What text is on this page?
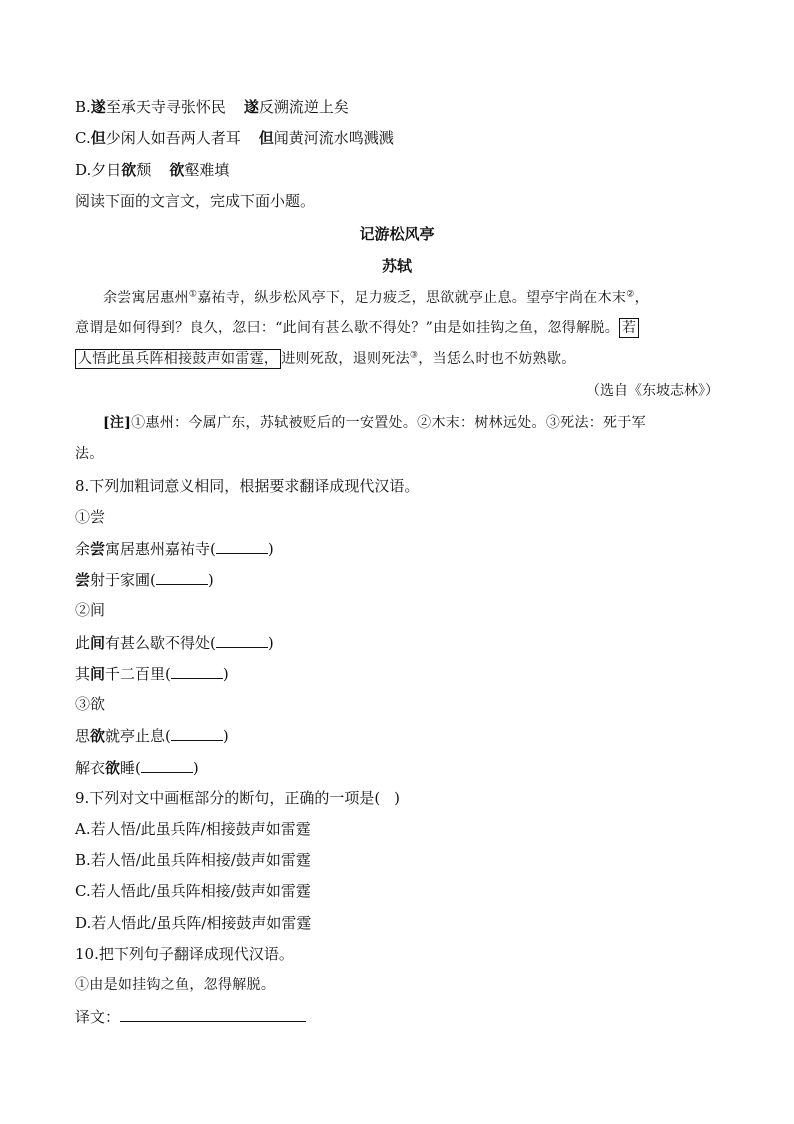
B.遂至承天寺寻张怀民 遂反溯流逆上矣
C.但少闲人如吾两人者耳 但闻黄河流水鸣溅溅
D.夕日欲颓 欲壑难填
阅读下面的文言文，完成下面小题。
记游松风亭
苏轼
余尝寓居惠州①嘉祐寺，纵步松风亭下，足力疲乏，思欲就亭止息。望亭宇尚在木末②，
意谓是如何得到？良久，忽曰：“此间有甚么歇不得处？”由是如挂钩之鱼，忽得解脱。 若
人悟此虽兵阵相接鼓声如雷霆， 进则死敌，退则死法③，当恁么时也不妨熟歇。
（选自《东坡志林》）
[注]①惠州：今属广东，苏轼被贬后的一安置处。②木末：树林远处。③死法：死于军
法。
8.下列加粗词意义相同，根据要求翻译成现代汉语。
①尝
余尝寓居惠州嘉祐寺(	)
尝射于家圃(	)
②间
此间有甚么歇不得处(	)
其间千二百里(	)
③欲
思欲就亭止息(	)
解衣欲睡(	)
9.下列对文中画框部分的断句，正确的一项是( )
A.若人悟/此虽兵阵/相接鼓声如雷霆
B.若人悟/此虽兵阵相接/鼓声如雷霆
C.若人悟此/虽兵阵相接/鼓声如雷霆
D.若人悟此/虽兵阵/相接鼓声如雷霆
10.把下列句子翻译成现代汉语。
①由是如挂钩之鱼，忽得解脱。
译文：
